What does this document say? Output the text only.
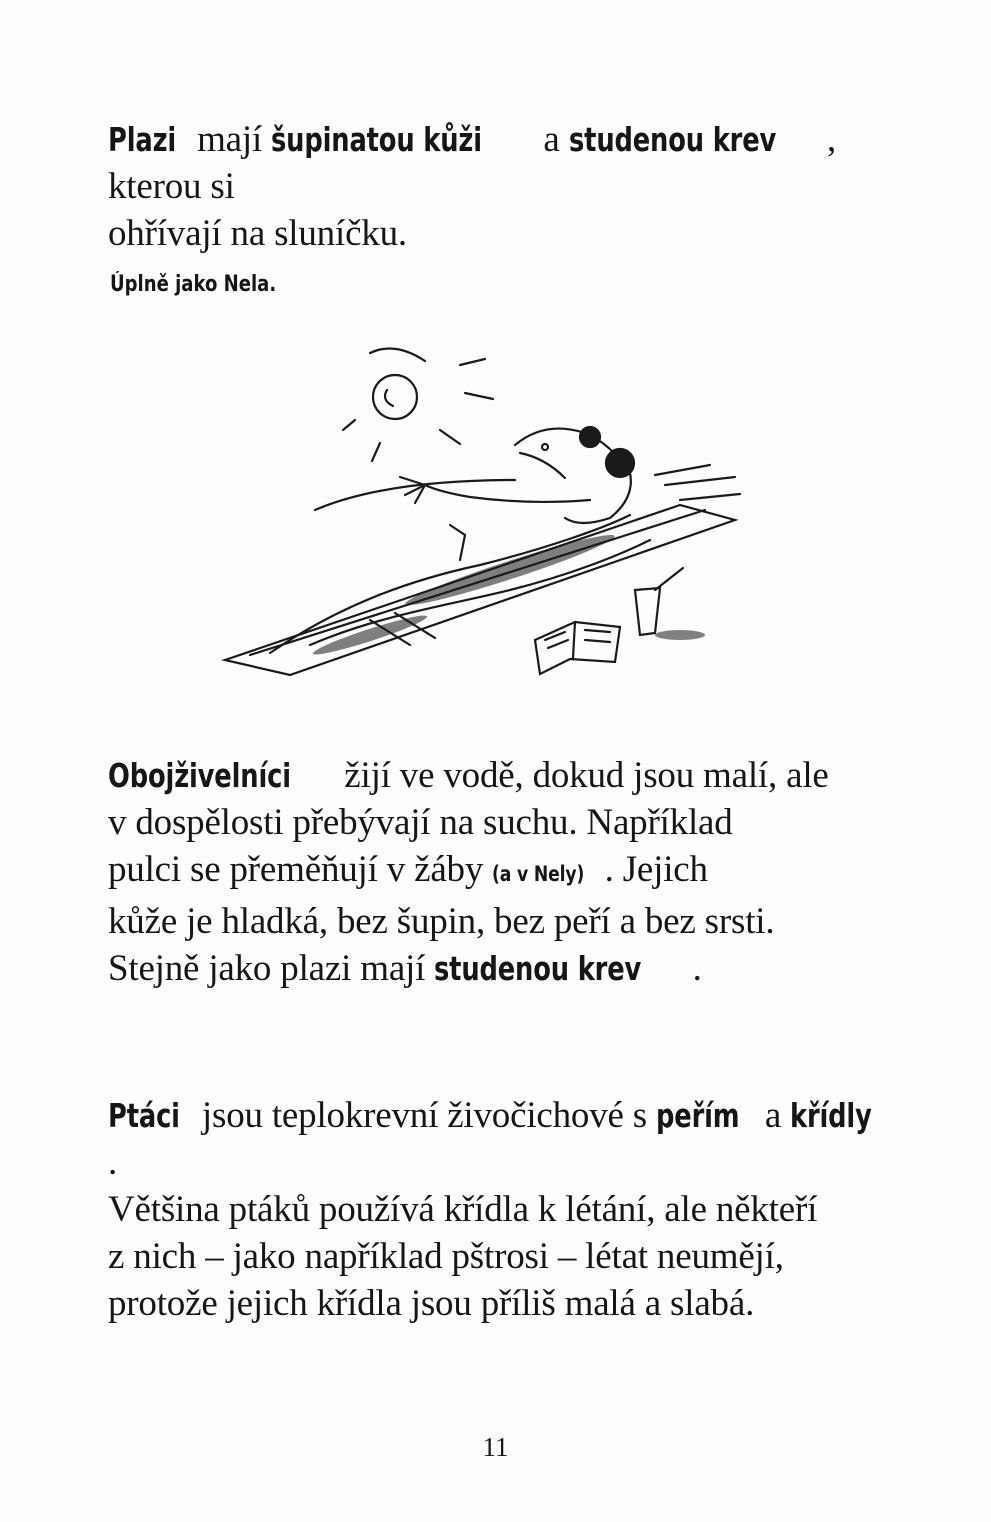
Plazi mají šupinatou kůži a studenou krev , kterou si
ohřívají na sluníčku.
Úplně jako Nela.
Obojživelníci žijí ve vodě, dokud jsou malí, ale
v dospělosti přebývají na suchu. Například
pulci se přeměňují v žáby (a v Nely) . Jejich
kůže je hladká, bez šupin, bez peří a bez srsti.
Stejně jako plazi mají studenou krev .
Ptáci jsou teplokrevní živočichové s peřím a křídly.
Většina ptáků používá křídla k létání, ale někteří
z nich – jako například pštrosi – létat neumějí,
protože jejich křídla jsou příliš malá a slabá.
11
